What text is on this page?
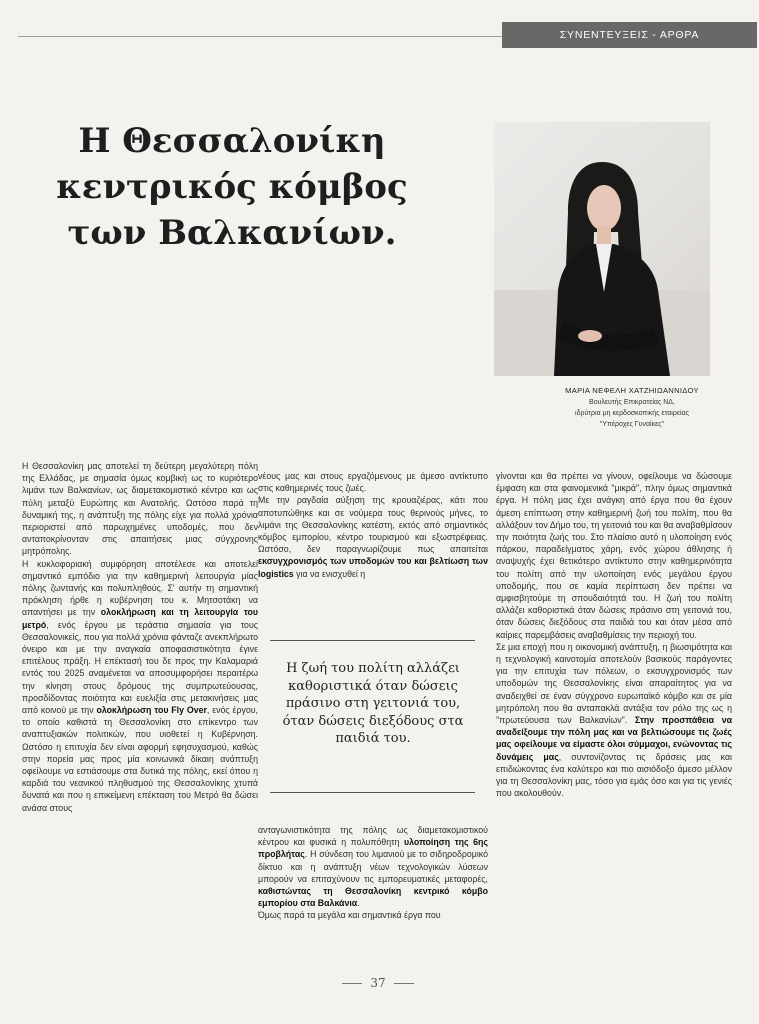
ΣΥΝΕΝΤΕΥΞΕΙΣ - ΑΡΘΡΑ
Η Θεσσαλονίκη
κεντρικός κόμβος
των Βαλκανίων.
ΜΑΡΙΑ ΝΕΦΕΛΗ ΧΑΤΖΗΙΩΑΝΝΙΔΟΥ
Βουλευτής Επικρατείας ΝΔ,
ιδρύτρια μη κερδοσκοπικής εταιρείας
"Υπέροχες Γυναίκες"

Η Θεσσαλονίκη μας αποτελεί τη δεύτερη μεγαλύτερη πόλη της Ελλάδας, με σημασία όμως κομβική ως το κυριότερο λιμάνι των Βαλκανίων, ως διαμετακομιστικό κέντρο και ως πύλη μεταξύ Ευρώπης και Ανατολής. Ωστόσο παρά τη δυναμική της, η ανάπτυξη της πόλης είχε για πολλά χρόνια περιοριστεί από παρωχημένες υποδομές, που δεν ανταποκρίνονταν στις απαιτήσεις μιας σύγχρονης μητρόπολης.

Η κυκλοφοριακή συμφόρηση αποτέλεσε και αποτελεί σημαντικό εμπόδιο για την καθημερινή λειτουργία μίας πόλης ζωντανής και πολυπληθούς. Σ' αυτήν τη σημαντική πρόκληση ήρθε η κυβέρνηση του κ. Μητσοτάκη να απαντήσει με την ολοκλήρωση και τη λειτουργία του μετρό, ενός έργου με τεράστια σημασία για τους Θεσσαλονικείς, που για πολλά χρόνια φάνταζε ανεκπλήρωτο όνειρο και με την αναγκαία αποφασιστικότητα έγινε επιτέλους πράξη. Η επέκτασή του δε προς την Καλαμαριά εντός του 2025 αναμένεται να αποσυμφορήσει περαιτέρω την κίνηση στους δρόμους της συμπρωτεύουσας, προσδίδοντας ποιότητα και ευελιξία στις μετακινήσεις μας από κοινού με την ολοκλήρωση του Fly Over, ενός έργου, το οποίο καθιστά τη Θεσσαλονίκη στο επίκεντρο των αναπτυξιακών πολιτικών, που υιοθετεί η Κυβέρνηση. Ωστόσο η επιτυχία δεν είναι αφορμή εφησυχασμού, καθώς στην πορεία μας προς μία κοινωνικά δίκαιη ανάπτυξη οφείλουμε να εστιάσουμε στα δυτικά της πόλης, εκεί όπου η καρδιά του νεανικού πληθυσμού της Θεσσαλονίκης χτυπά δυνατά και που η επικείμενη επέκταση του Μετρό θα δώσει ανάσα στους

νέους μας και στους εργαζόμενους με άμεσο αντίκτυπο στις καθημερινές τους ζωές.

Με την ραγδαία αύξηση της κρουαζιέρας, κάτι που αποτυπώθηκε και σε νούμερα τους θερινούς μήνες, το λιμάνι της Θεσσαλονίκης κατέστη, εκτός από σημαντικός κόμβος εμπορίου, κέντρο τουρισμού και εξωστρέφειας. Ωστόσο, δεν παραγνωρίζουμε πως απαιτείται εκσυγχρονισμός των υποδομών του και βελτίωση των logistics για να ενισχυθεί η

Η ζωή του πολίτη αλλάζει καθοριστικά όταν δώσεις πράσινο στη γειτονιά του, όταν δώσεις διεξόδους στα παιδιά του.

ανταγωνιστικότητα της πόλης ως διαμετακομιστικού κέντρου και φυσικά η πολυπόθητη υλοποίηση της 6ης προβλήτας. Η σύνδεση του λιμανιού με το σιδηροδρομικό δίκτυο και η ανάπτυξη νέων τεχνολογικών λύσεων μπορούν να επιταχύνουν τις εμπορευματικές μεταφορές, καθιστώντας τη Θεσσαλονίκη κεντρικό κόμβο εμπορίου στα Βαλκάνια.

Όμως παρά τα μεγάλα και σημαντικά έργα που

γίνονται και θα πρέπει να γίνουν, οφείλουμε να δώσουμε έμφαση και στα φαινομενικά "μικρά", πλην όμως σημαντικά έργα. Η πόλη μας έχει ανάγκη από έργα που θα έχουν άμεση επίπτωση στην καθημερινή ζωή του πολίτη, που θα αλλάξουν τον Δήμο του, τη γειτονιά του και θα αναβαθμίσουν την ποιότητα ζωής του. Στο πλαίσιο αυτό η υλοποίηση ενός πάρκου, παραδείγματος χάρη, ενός χώρου άθλησης ή αναψυχής έχει θετικότερο αντίκτυπο στην καθημερινότητα του πολίτη από την υλοποίηση ενός μεγάλου έργου υποδομής, που σε καμία περίπτωση δεν πρέπει να αμφισβητούμε τη σπουδαιότητά του. Η ζωή του πολίτη αλλάζει καθοριστικά όταν δώσεις πράσινο στη γειτονιά του, όταν δώσεις διεξόδους στα παιδιά του και όταν μέσα από καίριες παρεμβάσεις αναβαθμίσεις την περιοχή του.

Σε μια εποχή που η οικονομική ανάπτυξη, η βιωσιμότητα και η τεχνολογική καινοτομία αποτελούν βασικούς παράγοντες για την επιτυχία των πόλεων, ο εκσυγχρονισμός των υποδομών της Θεσσαλονίκης είναι απαραίτητος για να αναδειχθεί σε έναν σύγχρονο ευρωπαϊκό κόμβο και σε μία μητρόπολη που θα ανταπακλά αντάξια τον ρόλο της ως η "πρωτεύουσα των Βαλκανίων". Στην προσπάθεια να αναδείξουμε την πόλη μας και να βελτιώσουμε τις ζωές μας οφείλουμε να είμαστε όλοι σύμμαχοι, ενώνοντας τις δυνάμεις μας, συντονίζοντας τις δράσεις μας και επιδιώκοντας ένα καλύτερο και πιο αισιόδοξο άμεσο μέλλον για τη Θεσσαλονίκη μας, τόσο για εμάς όσο και για τις γενιές που ακολουθούν.

37
